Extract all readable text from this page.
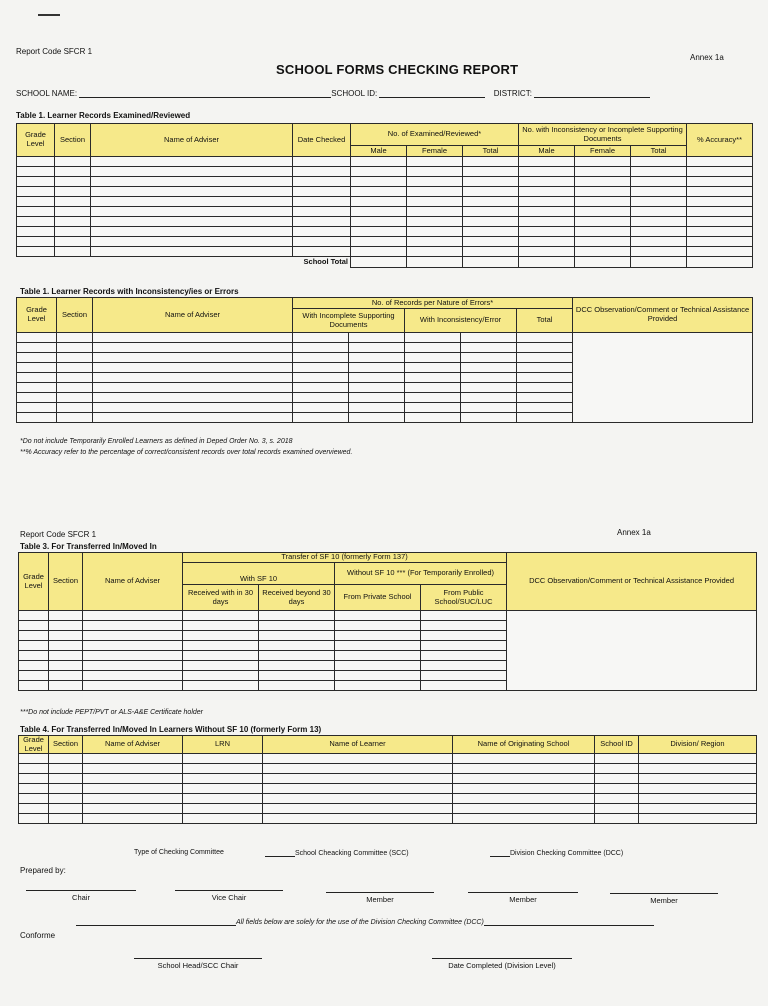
Report Code SFCR 1
Annex 1a
SCHOOL FORMS CHECKING REPORT
SCHOOL NAME:	SCHOOL ID:	DISTRICT:
Table 1. Learner Records Examined/Reviewed
Grade Level	Section	Name of Adviser	Date Checked	No. of Examined/Reviewed*			No. with Inconsistency or Incomplete Supporting Documents			% Accuracy**
				Male	Female	Total	Male	Female	Total	

School Total										
Table 1. Learner Records with Inconsistency/ies or Errors
Grade Level	Section	Name of Adviser	No. of Records per Nature of Errors*					DCC Observation/Comment or Technical Assistance Provided
			With Incomplete Supporting Documents		With Inconsistency/Error		Total	

*Do not include Temporarily Enrolled Learners as defined in Deped Order No. 3, s. 2018
**% Accuracy refer to the percentage of correct/consistent records over total records examined overviewed.
Report Code SFCR 1	Annex 1a
Table 3. For Transferred In/Moved In
Grade Level	Section	Name of Adviser	Transfer of SF 10 (formerly Form 137)				DCC Observation/Comment or Technical Assistance Provided
			With SF 10		Without SF 10 *** (For Temporarily Enrolled)		
			Received with in 30 days	Received beyond 30 days	From Private School	From Public School/SUC/LUC	

***Do not include PEPT/PVT or ALS-A&E Certificate holder
Table 4. For Transferred In/Moved In Learners Without SF 10 (formerly Form 13)
Grade Level	Section	Name of Adviser	LRN	Name of Learner	Name of Originating School	School ID	Division/ Region

Type of Checking Committee	School Cheacking Committee (SCC)	Division Checking Committee (DCC)
Prepared by:
Chair	Vice Chair	Member	Member	Member
All fields below are solely for the use of the Division Checking Committee (DCC)
Conforme
School Head/SCC Chair	Date Completed (Division Level)
